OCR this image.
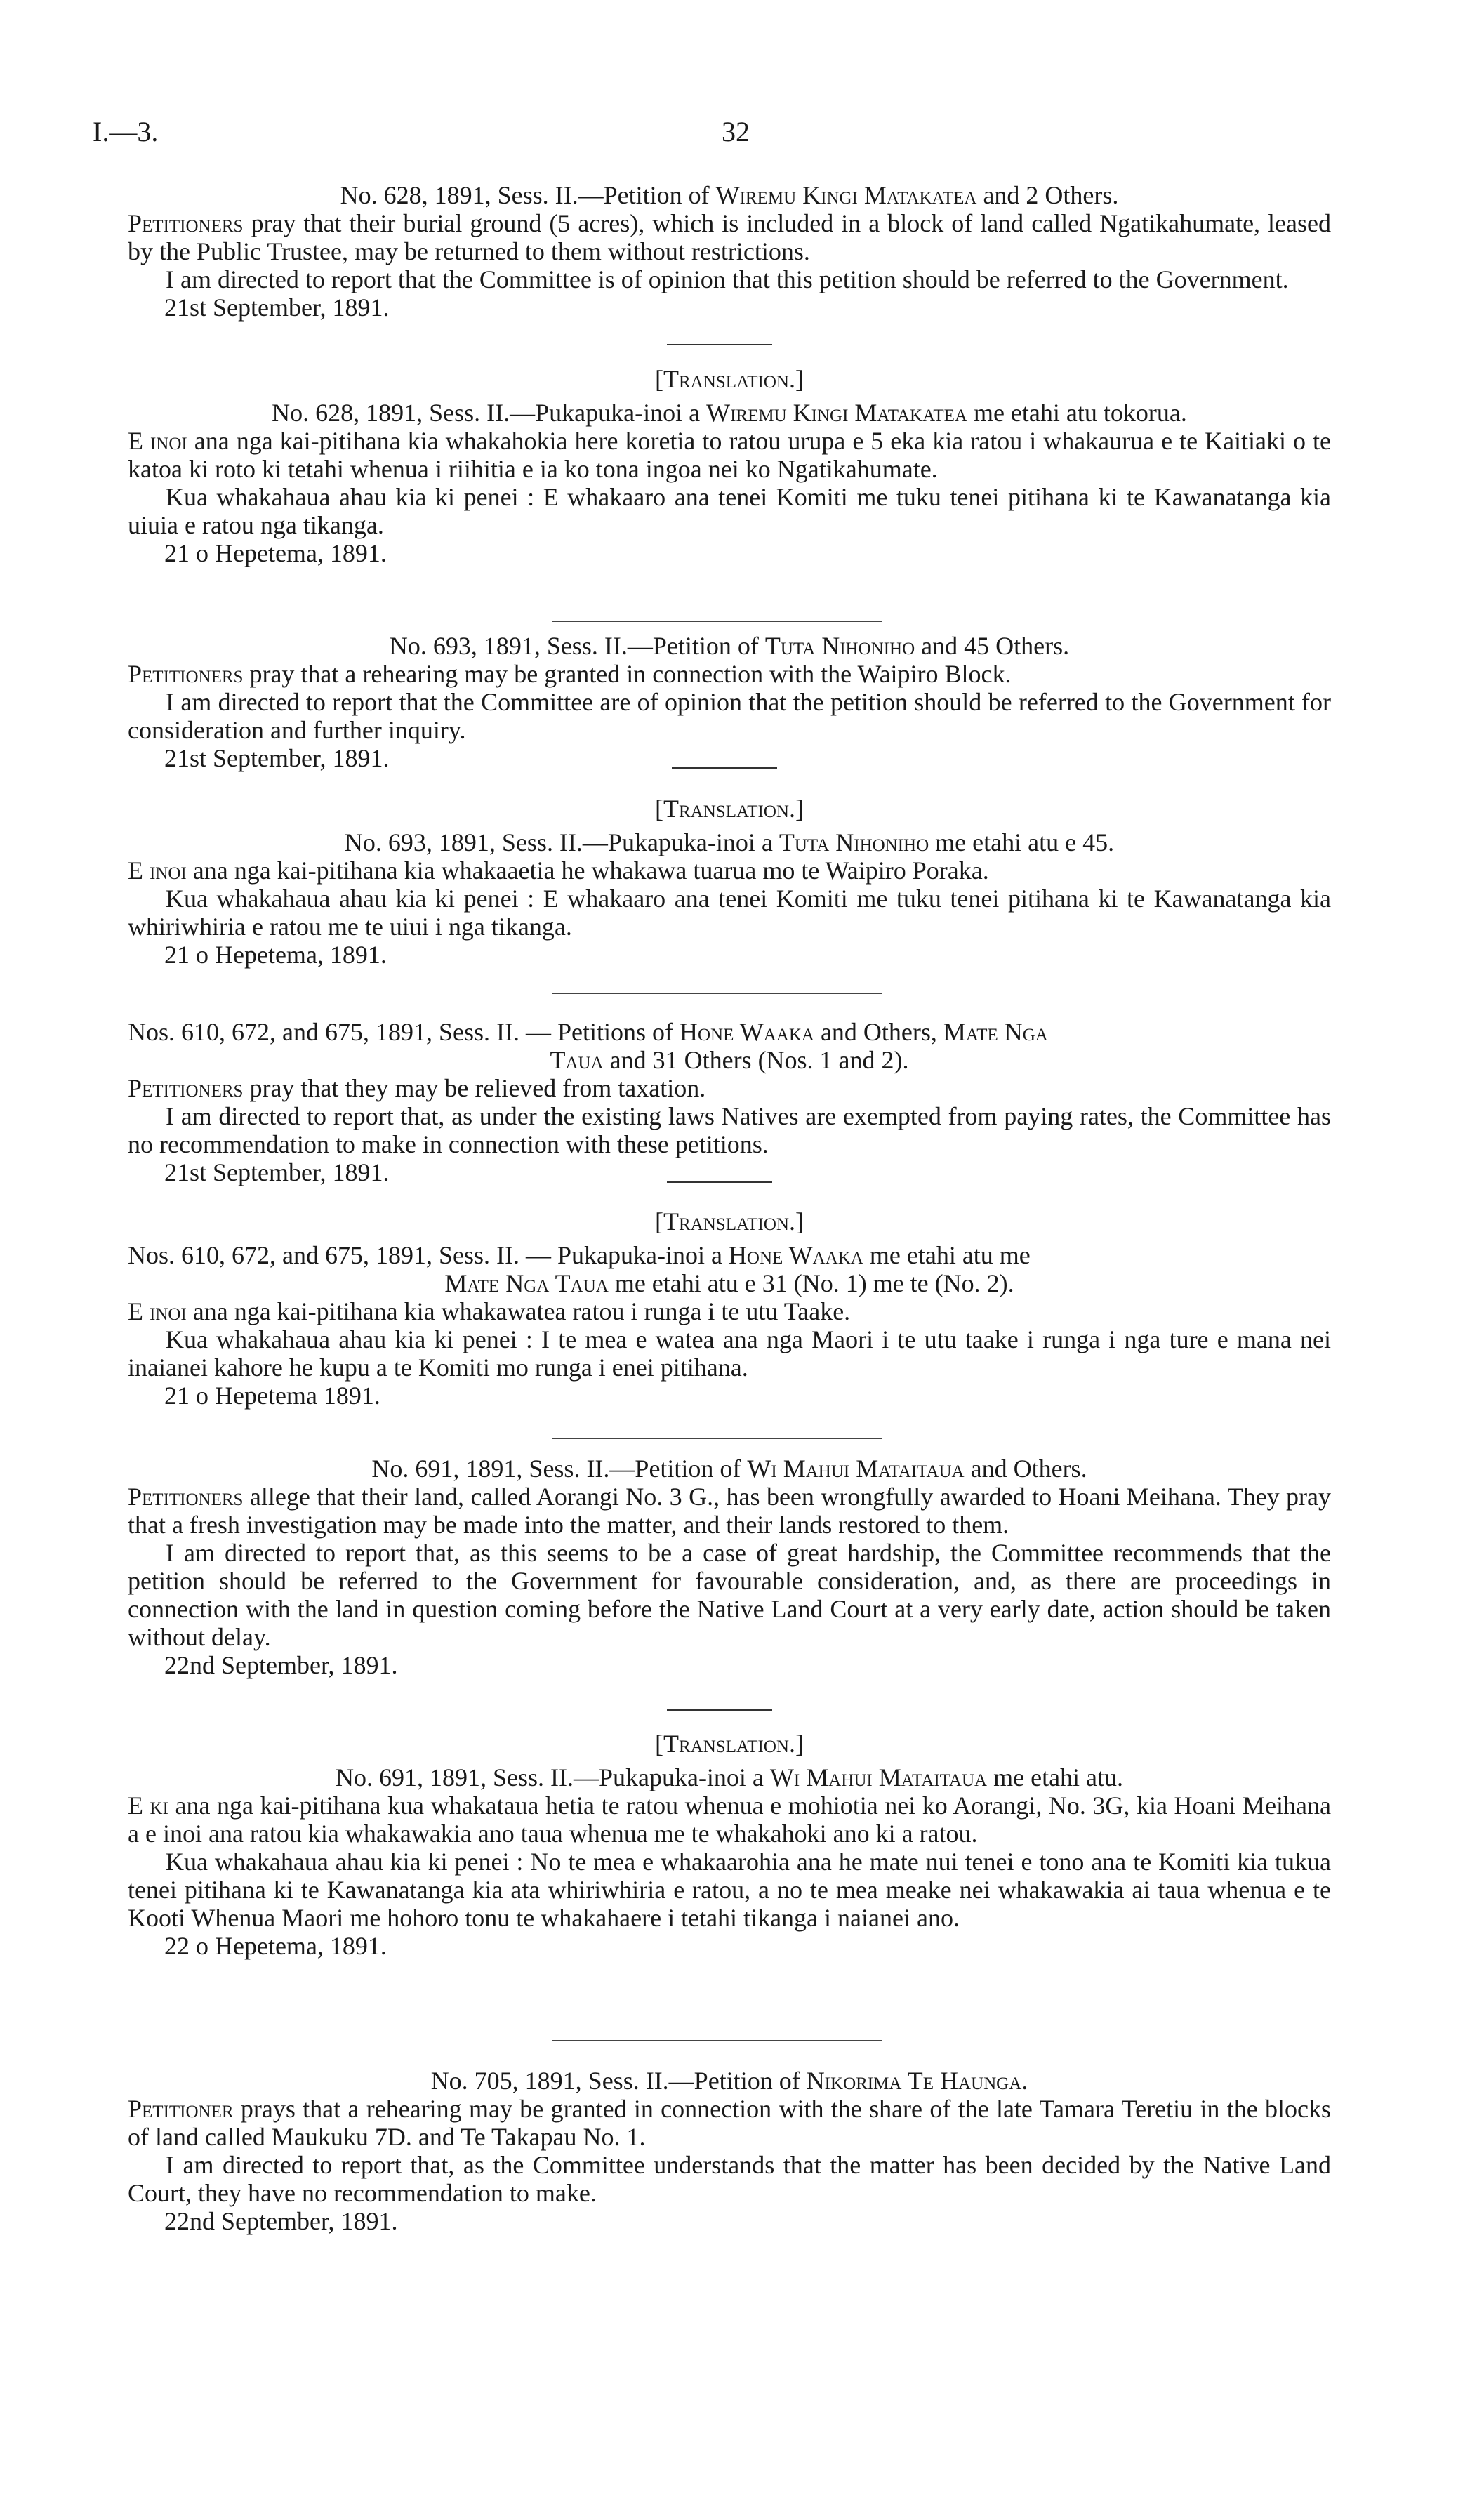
I.—3.	32

No. 628, 1891, Sess. II.—Petition of Wiremu Kingi Matakatea and 2 Others.

Petitioners pray that their burial ground (5 acres), which is included in a block of land called Ngatikahumate, leased by the Public Trustee, may be returned to them without restrictions.

I am directed to report that the Committee is of opinion that this petition should be referred to the Government.

21st September, 1891.

[Translation.]

No. 628, 1891, Sess. II.—Pukapuka-inoi a Wiremu Kingi Matakatea me etahi atu tokorua.

E inoi ana nga kai-pitihana kia whakahokia here koretia to ratou urupa e 5 eka kia ratou i whakaurua e te Kaitiaki o te katoa ki roto ki tetahi whenua i riihitia e ia ko tona ingoa nei ko Ngatikahumate.

Kua whakahaua ahau kia ki penei : E whakaaro ana tenei Komiti me tuku tenei pitihana ki te Kawanatanga kia uiuia e ratou nga tikanga.

21 o Hepetema, 1891.

No. 693, 1891, Sess. II.—Petition of Tuta Nihoniho and 45 Others.

Petitioners pray that a rehearing may be granted in connection with the Waipiro Block.

I am directed to report that the Committee are of opinion that the petition should be referred to the Government for consideration and further inquiry.

21st September, 1891.

[Translation.]

No. 693, 1891, Sess. II.—Pukapuka-inoi a Tuta Nihoniho me etahi atu e 45.

E inoi ana nga kai-pitihana kia whakaaetia he whakawa tuarua mo te Waipiro Poraka.

Kua whakahaua ahau kia ki penei : E whakaaro ana tenei Komiti me tuku tenei pitihana ki te Kawanatanga kia whiriwhiria e ratou me te uiui i nga tikanga.

21 o Hepetema, 1891.

Nos. 610, 672, and 675, 1891, Sess. II. — Petitions of Hone Waaka and Others, Mate Nga

Taua and 31 Others (Nos. 1 and 2).

Petitioners pray that they may be relieved from taxation.

I am directed to report that, as under the existing laws Natives are exempted from paying rates, the Committee has no recommendation to make in connection with these petitions.

21st September, 1891.

[Translation.]

Nos. 610, 672, and 675, 1891, Sess. II. — Pukapuka-inoi a Hone Waaka me etahi atu me

Mate Nga Taua me etahi atu e 31 (No. 1) me te (No. 2).

E inoi ana nga kai-pitihana kia whakawatea ratou i runga i te utu Taake.

Kua whakahaua ahau kia ki penei : I te mea e watea ana nga Maori i te utu taake i runga i nga ture e mana nei inaianei kahore he kupu a te Komiti mo runga i enei pitihana.

21 o Hepetema 1891.

No. 691, 1891, Sess. II.—Petition of Wi Mahui Mataitaua and Others.

Petitioners allege that their land, called Aorangi No. 3 G., has been wrongfully awarded to Hoani Meihana. They pray that a fresh investigation may be made into the matter, and their lands restored to them.

I am directed to report that, as this seems to be a case of great hardship, the Committee recommends that the petition should be referred to the Government for favourable consideration, and, as there are proceedings in connection with the land in question coming before the Native Land Court at a very early date, action should be taken without delay.

22nd September, 1891.

[Translation.]

No. 691, 1891, Sess. II.—Pukapuka-inoi a Wi Mahui Mataitaua me etahi atu.

E ki ana nga kai-pitihana kua whakataua hetia te ratou whenua e mohiotia nei ko Aorangi, No. 3G, kia Hoani Meihana a e inoi ana ratou kia whakawakia ano taua whenua me te whakahoki ano ki a ratou.

Kua whakahaua ahau kia ki penei : No te mea e whakaarohia ana he mate nui tenei e tono ana te Komiti kia tukua tenei pitihana ki te Kawanatanga kia ata whiriwhiria e ratou, a no te mea meake nei whakawakia ai taua whenua e te Kooti Whenua Maori me hohoro tonu te whakahaere i tetahi tikanga i naianei ano.

22 o Hepetema, 1891.

No. 705, 1891, Sess. II.—Petition of Nikorima Te Haunga.

Petitioner prays that a rehearing may be granted in connection with the share of the late Tamara Teretiu in the blocks of land called Maukuku 7D. and Te Takapau No. 1.

I am directed to report that, as the Committee understands that the matter has been decided by the Native Land Court, they have no recommendation to make.

22nd September, 1891.
